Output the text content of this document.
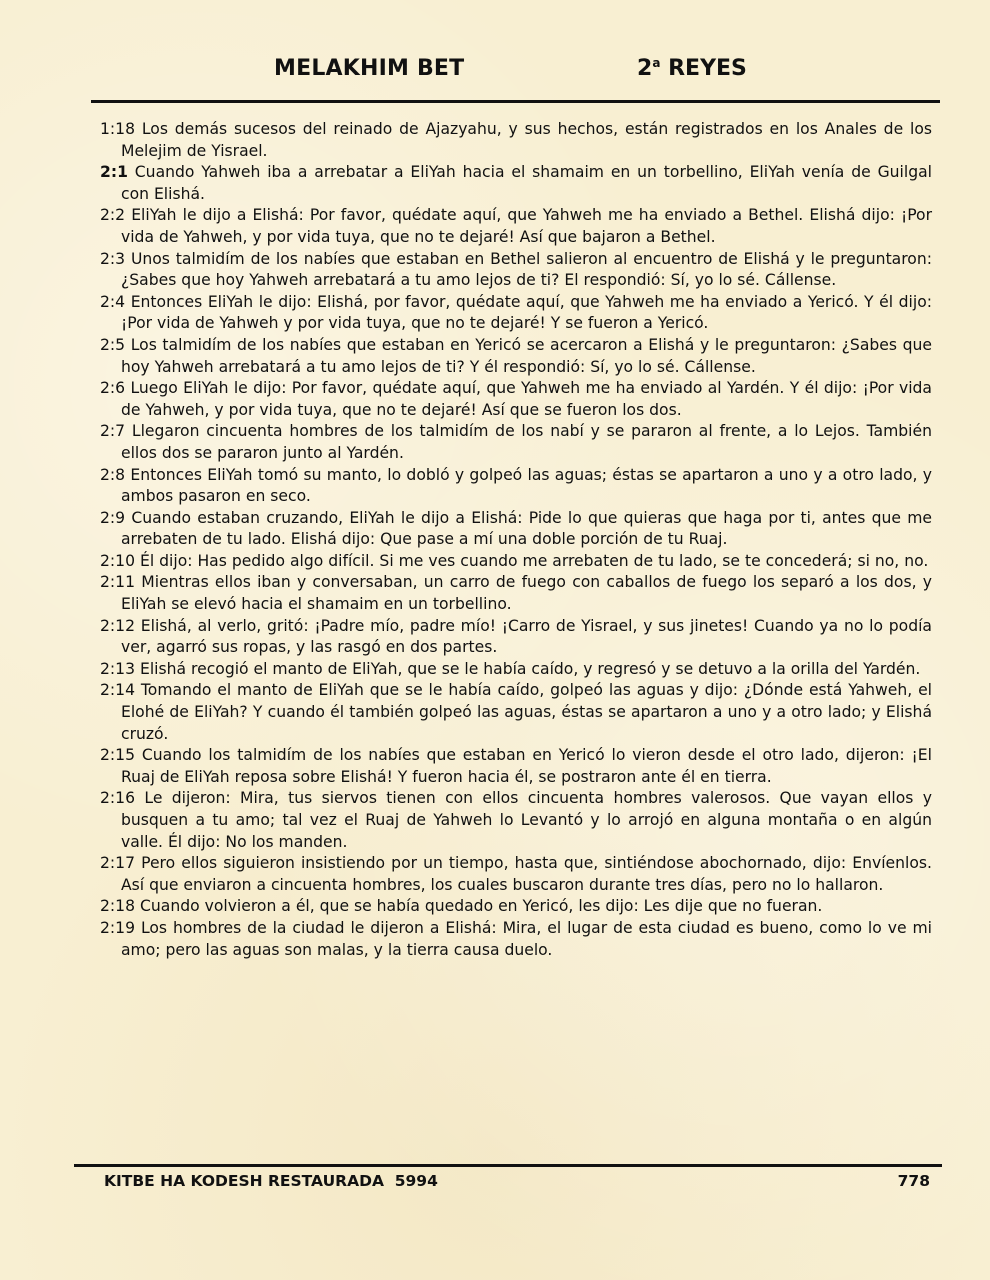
MELAKHIM BET	2$^a$ REYES

1:18 Los demás sucesos del reinado de Ajazyahu, y sus hechos, están registrados en los Anales de los Melejim de Yisrael.

2:1 Cuando Yahweh iba a arrebatar a EliYah hacia el shamaim en un torbellino, EliYah venía de Guilgal con Elishá.

2:2 EliYah le dijo a Elishá: Por favor, quédate aquí, que Yahweh me ha enviado a Bethel. Elishá dijo: ¡Por vida de Yahweh, y por vida tuya, que no te dejaré! Así que bajaron a Bethel.

2:3 Unos talmidím de los nabíes que estaban en Bethel salieron al encuentro de Elishá y le preguntaron: ¿Sabes que hoy Yahweh arrebatará a tu amo lejos de ti? El respondió: Sí, yo lo sé. Cállense.

2:4 Entonces EliYah le dijo: Elishá, por favor, quédate aquí, que Yahweh me ha enviado a Yericó. Y él dijo: ¡Por vida de Yahweh y por vida tuya, que no te dejaré! Y se fueron a Yericó.

2:5 Los talmidím de los nabíes que estaban en Yericó se acercaron a Elishá y le preguntaron: ¿Sabes que hoy Yahweh arrebatará a tu amo lejos de ti? Y él respondió: Sí, yo lo sé. Cállense.

2:6 Luego EliYah le dijo: Por favor, quédate aquí, que Yahweh me ha enviado al Yardén. Y él dijo: ¡Por vida de Yahweh, y por vida tuya, que no te dejaré! Así que se fueron los dos.

2:7 Llegaron cincuenta hombres de los talmidím de los nabí y se pararon al frente, a lo Lejos. También ellos dos se pararon junto al Yardén.

2:8 Entonces EliYah tomó su manto, lo dobló y golpeó las aguas; éstas se apartaron a uno y a otro lado, y ambos pasaron en seco.

2:9 Cuando estaban cruzando, EliYah le dijo a Elishá: Pide lo que quieras que haga por ti, antes que me arrebaten de tu lado. Elishá dijo: Que pase a mí una doble porción de tu Ruaj.

2:10 Él dijo: Has pedido algo difícil. Si me ves cuando me arrebaten de tu lado, se te concederá; si no, no.

2:11 Mientras ellos iban y conversaban, un carro de fuego con caballos de fuego los separó a los dos, y EliYah se elevó hacia el shamaim en un torbellino.

2:12 Elishá, al verlo, gritó: ¡Padre mío, padre mío! ¡Carro de Yisrael, y sus jinetes! Cuando ya no lo podía ver, agarró sus ropas, y las rasgó en dos partes.

2:13 Elishá recogió el manto de EliYah, que se le había caído, y regresó y se detuvo a la orilla del Yardén.

2:14 Tomando el manto de EliYah que se le había caído, golpeó las aguas y dijo: ¿Dónde está Yahweh, el Elohé de EliYah? Y cuando él también golpeó las aguas, éstas se apartaron a uno y a otro lado; y Elishá cruzó.

2:15 Cuando los talmidím de los nabíes que estaban en Yericó lo vieron desde el otro lado, dijeron: ¡El Ruaj de EliYah reposa sobre Elishá! Y fueron hacia él, se postraron ante él en tierra.

2:16 Le dijeron: Mira, tus siervos tienen con ellos cincuenta hombres valerosos. Que vayan ellos y busquen a tu amo; tal vez el Ruaj de Yahweh lo Levantó y lo arrojó en alguna montaña o en algún valle. Él dijo: No los manden.

2:17 Pero ellos siguieron insistiendo por un tiempo, hasta que, sintiéndose abochornado, dijo: Envíenlos. Así que enviaron a cincuenta hombres, los cuales buscaron durante tres días, pero no lo hallaron.

2:18 Cuando volvieron a él, que se había quedado en Yericó, les dijo: Les dije que no fueran.

2:19 Los hombres de la ciudad le dijeron a Elishá: Mira, el lugar de esta ciudad es bueno, como lo ve mi amo; pero las aguas son malas, y la tierra causa duelo.

KITBE HA KODESH RESTAURADA  5994	778
